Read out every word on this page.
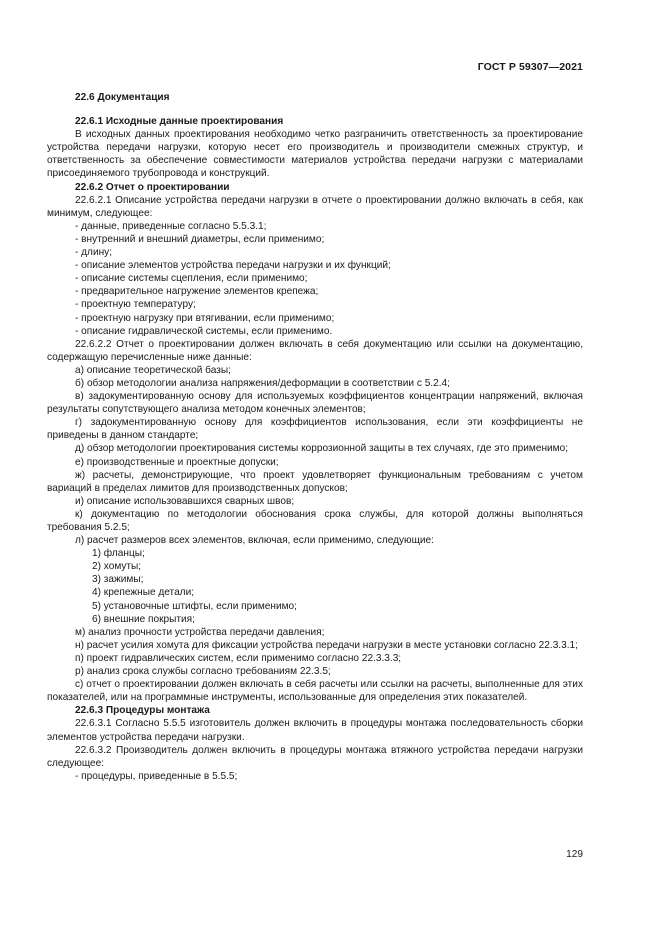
ГОСТ Р 59307—2021

22.6 Документация

22.6.1 Исходные данные проектирования

В исходных данных проектирования необходимо четко разграничить ответственность за проектирование устройства передачи нагрузки, которую несет его производитель и производители смежных структур, и ответственность за обеспечение совместимости материалов устройства передачи нагрузки с материалами присоединяемого трубопровода и конструкций.

22.6.2 Отчет о проектировании

22.6.2.1 Описание устройства передачи нагрузки в отчете о проектировании должно включать в себя, как минимум, следующее:

- данные, приведенные согласно 5.5.3.1;

- внутренний и внешний диаметры, если применимо;

- длину;

- описание элементов устройства передачи нагрузки и их функций;

- описание системы сцепления, если применимо;

- предварительное нагружение элементов крепежа;

- проектную температуру;

- проектную нагрузку при втягивании, если применимо;

- описание гидравлической системы, если применимо.

22.6.2.2 Отчет о проектировании должен включать в себя документацию или ссылки на документацию, содержащую перечисленные ниже данные:

а) описание теоретической базы;

б) обзор методологии анализа напряжения/деформации в соответствии с 5.2.4;

в) задокументированную основу для используемых коэффициентов концентрации напряжений, включая результаты сопутствующего анализа методом конечных элементов;

г) задокументированную основу для коэффициентов использования, если эти коэффициенты не приведены в данном стандарте;

д) обзор методологии проектирования системы коррозионной защиты в тех случаях, где это применимо;

е) производственные и проектные допуски;

ж) расчеты, демонстрирующие, что проект удовлетворяет функциональным требованиям с учетом вариаций в пределах лимитов для производственных допусков;

и) описание использовавшихся сварных швов;

к) документацию по методологии обоснования срока службы, для которой должны выполняться требования 5.2.5;

л) расчет размеров всех элементов, включая, если применимо, следующие:

1) фланцы;

2) хомуты;

3) зажимы;

4) крепежные детали;

5) установочные штифты, если применимо;

6) внешние покрытия;

м) анализ прочности устройства передачи давления;

н) расчет усилия хомута для фиксации устройства передачи нагрузки в месте установки согласно 22.3.3.1;

п) проект гидравлических систем, если применимо согласно 22.3.3.3;

р) анализ срока службы согласно требованиям 22.3.5;

с) отчет о проектировании должен включать в себя расчеты или ссылки на расчеты, выполненные для этих показателей, или на программные инструменты, использованные для определения этих показателей.

22.6.3 Процедуры монтажа

22.6.3.1 Согласно 5.5.5 изготовитель должен включить в процедуры монтажа последовательность сборки элементов устройства передачи нагрузки.

22.6.3.2 Производитель должен включить в процедуры монтажа втяжного устройства передачи нагрузки следующее:

- процедуры, приведенные в 5.5.5;

129
